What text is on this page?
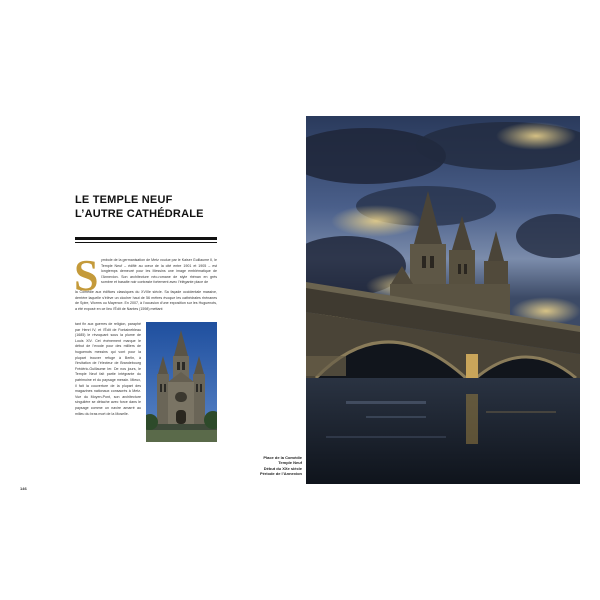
LE TEMPLE NEUF
L’AUTRE CATHÉDRALE
S ymbole de la germanisation de Metz voulue par le Kaiser Guillaume II, le Temple Neuf – édifié au cœur de la cité entre 1901 et 1905 – est longtemps demeuré pour les Messins une image emblématique de l’Annexion. Son architecture néo-romane de style rhénan en grès sombre et basalte noir contraste fortement avec l’élégante place de
la Comédie aux édifices classiques du XVIIIe siècle. Sa façade occidentale massive, derrière laquelle s’élève un clocher haut de 56 mètres évoque les cathédrales rhénanes de Spire, Worms ou Mayence. En 2007, à l’occasion d’une exposition sur les Huguenots, a été exposé en ce lieu l’Édit de Nantes (1598) mettant
tant fin aux guerres de religion, paraphé par Henri IV, et l’Édit de Fontainebleau (1685) le révoquant sous la plume de Louis XIV. Cet événement marque le début de l’exode pour des milliers de huguenots messins qui vont pour la plupart trouver refuge à Berlin, à l’invitation de l’électeur de Brandebourg Frédéric-Guillaume Ier. De nos jours, le Temple Neuf fait partie intégrante du patrimoine et du paysage messin. Mieux, il fait la couverture de la plupart des magazines nationaux consacrés à Metz. Vue du Moyen-Pont, son architecture singulière se détache avec force dans le paysage comme un navire amarré au milieu du bras mort de la Moselle.
Place de la Comédie
Temple Neuf
Début du XXe siècle
Période de l’Annexion
146
